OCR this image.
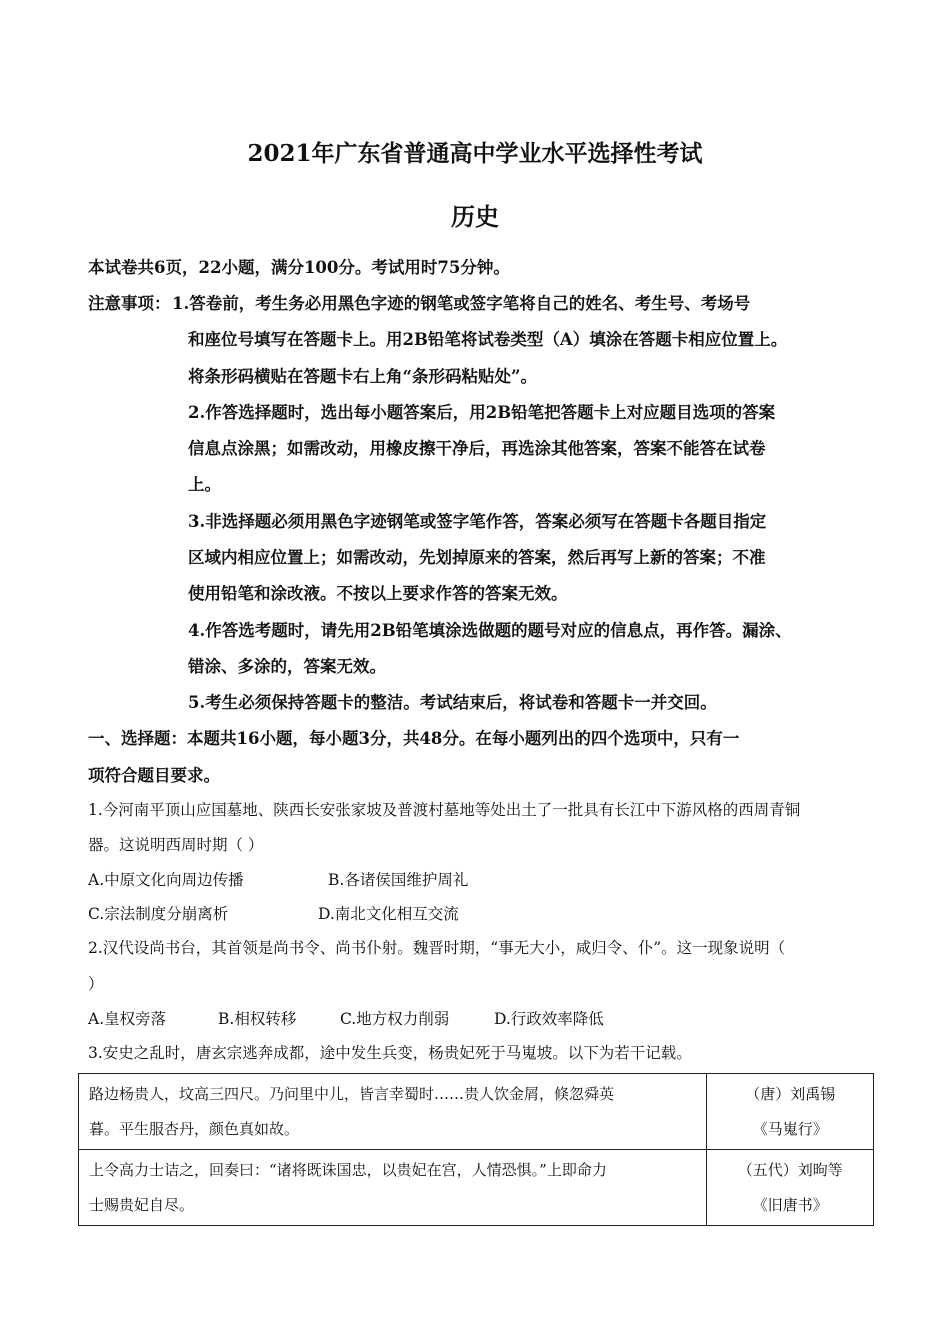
2021年广东省普通高中学业水平选择性考试
历史
本试卷共6页，22小题，满分100分。考试用时75分钟。
注意事项： 1.答卷前，考生务必用黑色字迹的钢笔或签字笔将自己的姓名、考生号、考场号
和座位号填写在答题卡上。用2B铅笔将试卷类型（A）填涂在答题卡相应位置上。
将条形码横贴在答题卡右上角“条形码粘贴处”。
2.作答选择题时，选出每小题答案后，用2B铅笔把答题卡上对应题目选项的答案
信息点涂黑；如需改动，用橡皮擦干净后，再选涂其他答案，答案不能答在试卷
上。
3.非选择题必须用黑色字迹钢笔或签字笔作答，答案必须写在答题卡各题目指定
区域内相应位置上；如需改动，先划掉原来的答案，然后再写上新的答案；不准
使用铅笔和涂改液。不按以上要求作答的答案无效。
4.作答选考题时，请先用2B铅笔填涂选做题的题号对应的信息点，再作答。漏涂、
错涂、多涂的，答案无效。
5.考生必须保持答题卡的整洁。考试结束后，将试卷和答题卡一并交回。
一、选择题：本题共16小题，每小题3分，共48分。在每小题列出的四个选项中，只有一
项符合题目要求。
1.今河南平顶山应国墓地、陕西长安张家坡及普渡村墓地等处出土了一批具有长江中下游风格的西周青铜
器。这说明西周时期（ ）
A.中原文化向周边传播	B.各诸侯国维护周礼
C.宗法制度分崩离析	D.南北文化相互交流
2.汉代设尚书台，其首领是尚书令、尚书仆射。魏晋时期，“事无大小，咸归令、仆”。这一现象说明（
）
A.皇权旁落	B.相权转移	C.地方权力削弱	D.行政效率降低
3.安史之乱时，唐玄宗逃奔成都，途中发生兵变，杨贵妃死于马嵬坡。以下为若干记载。
路边杨贵人，坟高三四尺。乃问里中儿，皆言幸蜀时……贵人饮金屑，倏忽舜英
暮。平生服杏丹，颜色真如故。	（唐）刘禹锡
《马嵬行》

上令高力士诘之，回奏曰：“诸将既诛国忠，以贵妃在宫，人情恐惧。”上即命力
士赐贵妃自尽。	（五代）刘昫等
《旧唐书》
